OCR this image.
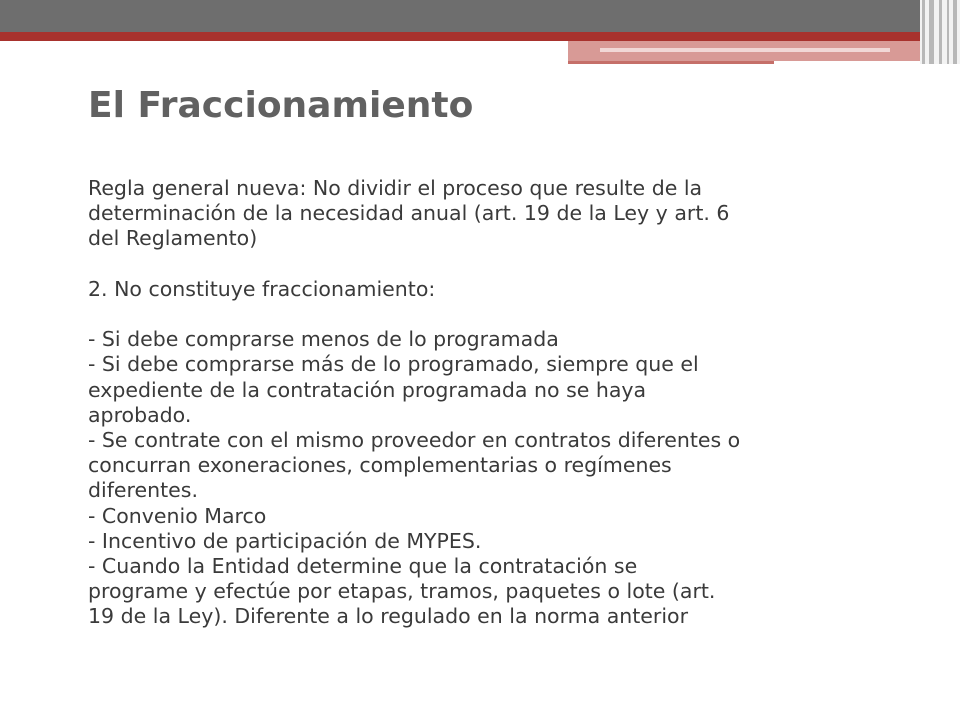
El Fraccionamiento

Regla general nueva: No dividir el proceso que resulte de la

determinación de la necesidad anual (art. 19 de la Ley y art. 6

del Reglamento)

2. No constituye fraccionamiento:

- Si debe comprarse menos de lo programada

- Si debe comprarse más de lo programado, siempre que el

expediente de la contratación programada no se haya

aprobado.

- Se contrate con el mismo proveedor en contratos diferentes o

concurran exoneraciones, complementarias o regímenes

diferentes.

- Convenio Marco

- Incentivo de participación de MYPES.

- Cuando la Entidad determine que la contratación se

programe y efectúe por etapas, tramos, paquetes o lote (art.

19 de la Ley). Diferente a lo regulado en la norma anterior
